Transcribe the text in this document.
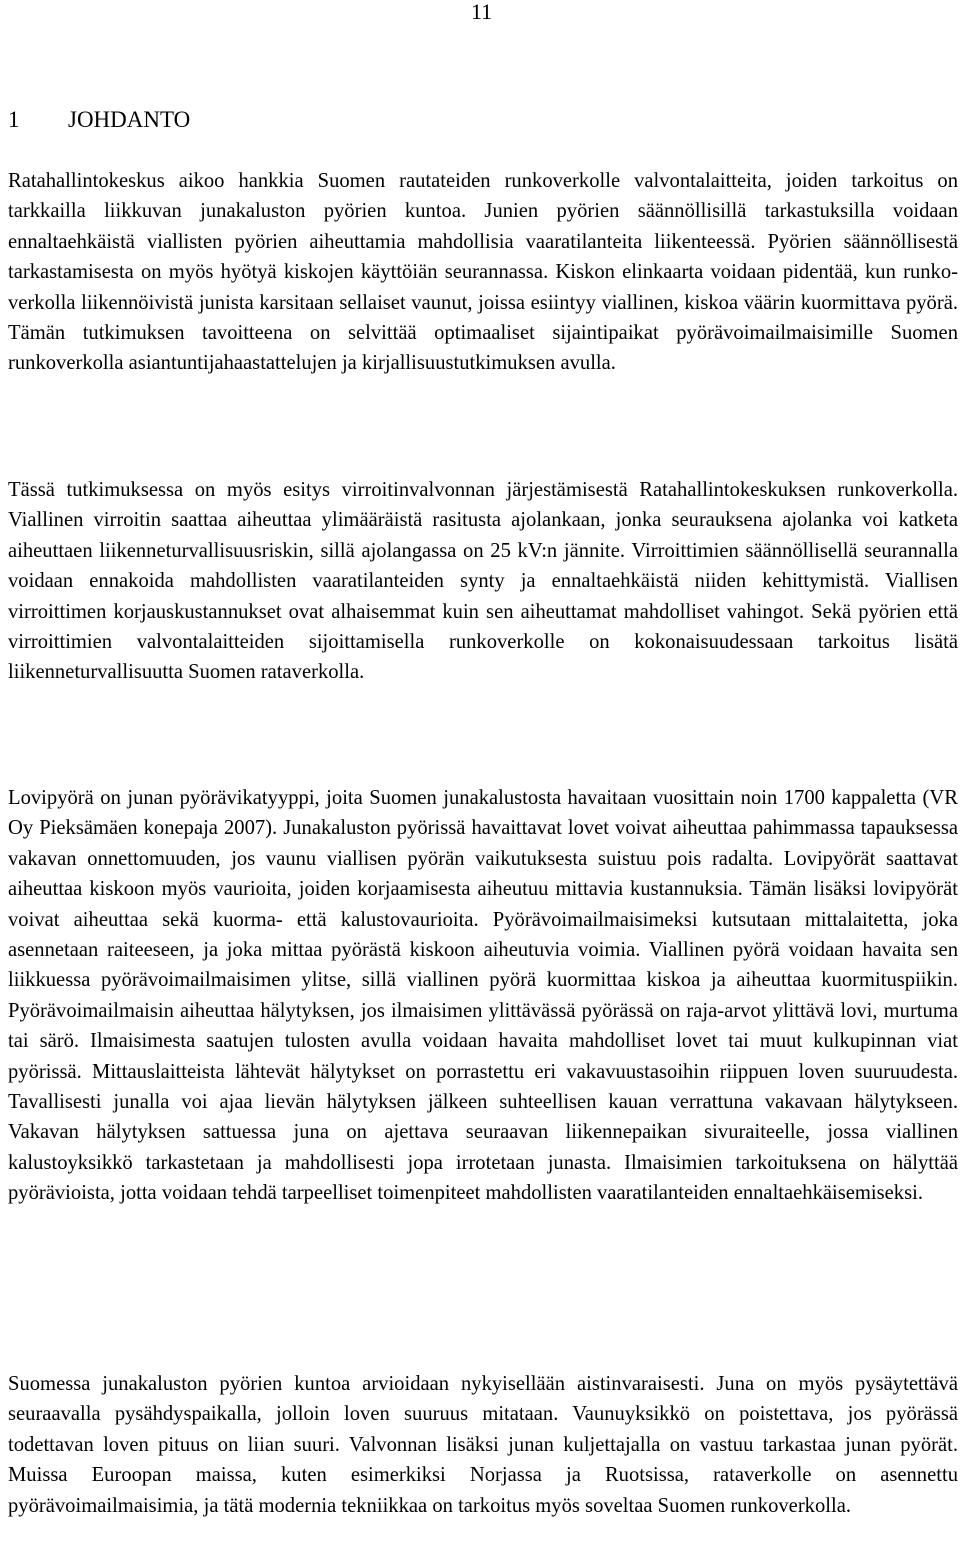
11
1 JOHDANTO

Ratahallintokeskus aikoo hankkia Suomen rautateiden runkoverkolle valvontalaitteita, joiden tarkoitus on tarkkailla liikkuvan junakaluston pyörien kuntoa. Junien pyörien säännöllisillä tarkastuksilla voidaan ennaltaehkäistä viallisten pyörien aiheuttamia mahdollisia vaaratilanteita liikenteessä. Pyörien säännöllisestä tarkastamisesta on myös hyötyä kiskojen käyttöiän seurannassa. Kiskon elinkaarta voidaan pidentää, kun runkoverkolla liikennöivistä junista karsitaan sellaiset vaunut, joissa esiintyy viallinen, kiskoa väärin kuormittava pyörä. Tämän tutkimuksen tavoitteena on selvittää optimaaliset sijaintipaikat pyörävoimailmaisimille Suomen runkoverkolla asiantuntijahaastattelujen ja kirjallisuustutkimuksen avulla.

Tässä tutkimuksessa on myös esitys virroitinvalvonnan järjestämisestä Ratahallintokeskuksen runkoverkolla. Viallinen virroitin saattaa aiheuttaa ylimääräistä rasitusta ajolankaan, jonka seurauksena ajolanka voi katketa aiheuttaen liikenneturvallisuusriskin, sillä ajolangassa on 25 kV:n jännite. Virroittimien säännöllisellä seurannalla voidaan ennakoida mahdollisten vaaratilanteiden synty ja ennaltaehkäistä niiden kehittymistä. Viallisen virroittimen korjauskustannukset ovat alhaisemmat kuin sen aiheuttamat mahdolliset vahingot. Sekä pyörien että virroittimien valvontalaitteiden sijoittamisella runkoverkolle on kokonaisuudessaan tarkoitus lisätä liikenneturvallisuutta Suomen rataverkolla.

Lovipyörä on junan pyörävikatyyppi, joita Suomen junakalustosta havaitaan vuosittain noin 1700 kappaletta (VR Oy Pieksämäen konepaja 2007). Junakaluston pyörissä havaittavat lovet voivat aiheuttaa pahimmassa tapauksessa vakavan onnettomuuden, jos vaunu viallisen pyörän vaikutuksesta suistuu pois radalta. Lovipyörät saattavat aiheuttaa kiskoon myös vaurioita, joiden korjaamisesta aiheutuu mittavia kustannuksia. Tämän lisäksi lovipyörät voivat aiheuttaa sekä kuorma- että kalustovaurioita. Pyörävoimailmaisimeksi kutsutaan mittalaitetta, joka asennetaan raiteeseen, ja joka mittaa pyörästä kiskoon aiheutuvia voimia. Viallinen pyörä voidaan havaita sen liikkuessa pyörävoimailmaisimen ylitse, sillä viallinen pyörä kuormittaa kiskoa ja aiheuttaa kuormituspiikin. Pyörävoimailmaisin aiheuttaa hälytyksen, jos ilmaisimen ylittävässä pyörässä on raja-arvot ylittävä lovi, murtuma tai särö. Ilmaisimesta saatujen tulosten avulla voidaan havaita mahdolliset lovet tai muut kulkupinnan viat pyörissä. Mittauslaitteista lähtevät hälytykset on porrastettu eri vakavuustasoihin riippuen loven suuruudesta. Tavallisesti junalla voi ajaa lievän hälytyksen jälkeen suhteellisen kauan verrattuna vakavaan hälytykseen. Vakavan hälytyksen sattuessa juna on ajettava seuraavan liikennepaikan sivuraiteelle, jossa viallinen kalustoyksikkö tarkastetaan ja mahdollisesti jopa irrotetaan junasta. Ilmaisimien tarkoituksena on hälyttää pyörävioista, jotta voidaan tehdä tarpeelliset toimenpiteet mahdollisten vaaratilanteiden ennaltaehkäisemiseksi.

Suomessa junakaluston pyörien kuntoa arvioidaan nykyisellään aistinvaraisesti. Juna on myös pysäytettävä seuraavalla pysähdyspaikalla, jolloin loven suuruus mitataan. Vaunuyksikkö on poistettava, jos pyörässä todettavan loven pituus on liian suuri. Valvonnan lisäksi junan kuljettajalla on vastuu tarkastaa junan pyörät. Muissa Euroopan maissa, kuten esimerkiksi Norjassa ja Ruotsissa, rataverkolle on asennettu pyörävoimailmaisimia, ja tätä modernia tekniikkaa on tarkoitus myös soveltaa Suomen runkoverkolla.
